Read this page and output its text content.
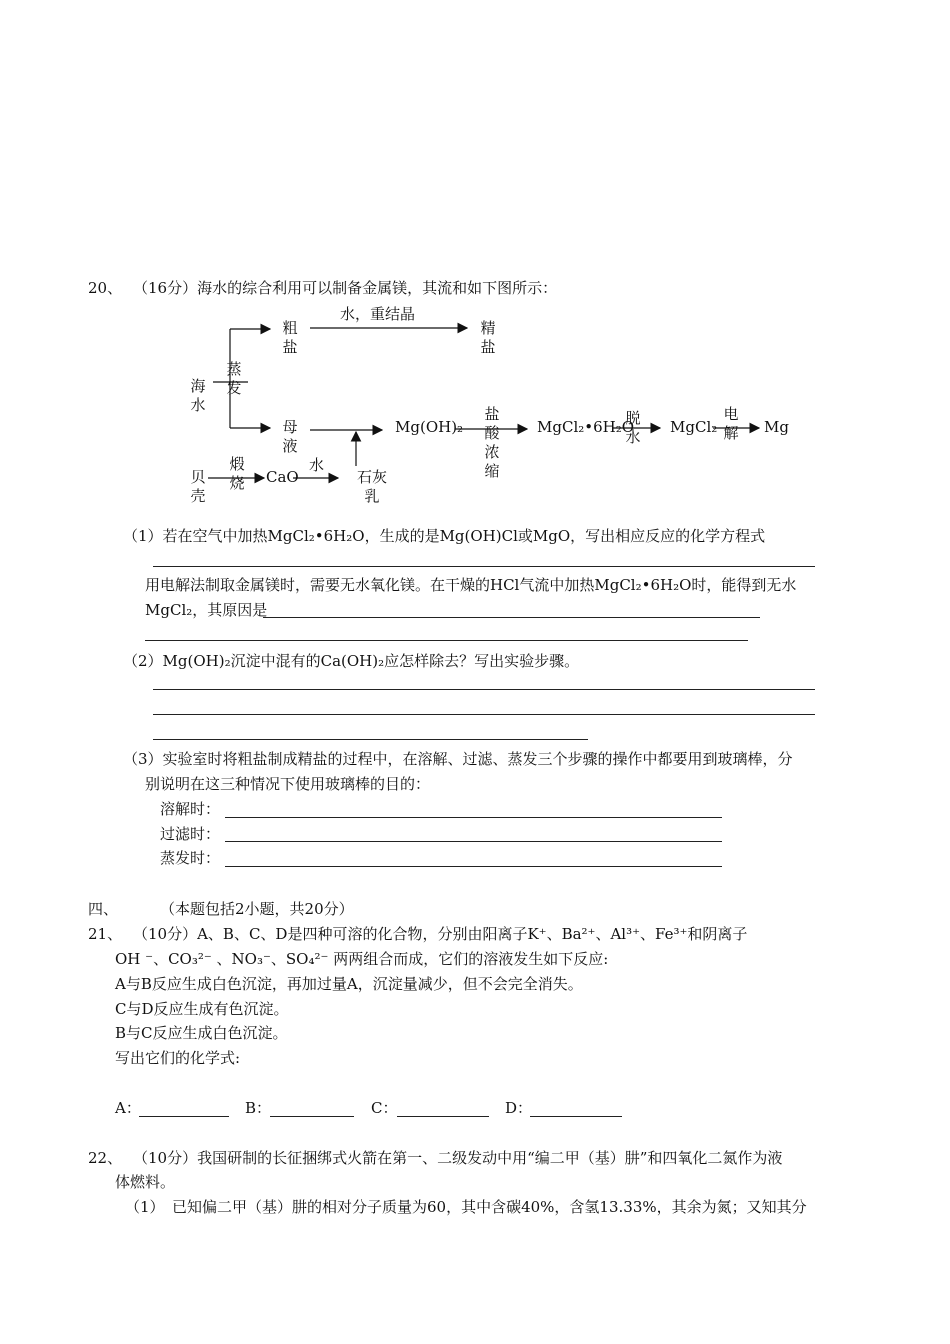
20、 （16分）海水的综合利用可以制备金属镁，其流和如下图所示：
海水
蒸发
粗盐
水，重结晶
精盐
母液
Mg(OH)₂
盐酸浓缩
MgCl₂•6H₂O
脱水
MgCl₂
电解 Mg
贝壳
煅烧 CaO
水
石灰乳
（1）若在空气中加热MgCl₂•6H₂O，生成的是Mg(OH)Cl或MgO，写出相应反应的化学方程式
用电解法制取金属镁时，需要无水氧化镁。在干燥的HCl气流中加热MgCl₂•6H₂O时，能得到无水
MgCl₂，其原因是
（2）Mg(OH)₂沉淀中混有的Ca(OH)₂应怎样除去？写出实验步骤。
（3）实验室时将粗盐制成精盐的过程中，在溶解、过滤、蒸发三个步骤的操作中都要用到玻璃棒，分
别说明在这三种情况下使用玻璃棒的目的：
溶解时：
过滤时：
蒸发时：
四、	（本题包括2小题，共20分）
21、 （10分）A、B、C、D是四种可溶的化合物，分别由阳离子K⁺、Ba²⁺、Al³⁺、Fe³⁺和阴离子
OH ⁻、CO₃²⁻ 、NO₃⁻、SO₄²⁻ 两两组合而成，它们的溶液发生如下反应:
A与B反应生成白色沉淀，再加过量A，沉淀量减少，但不会完全消失。
C与D反应生成有色沉淀。
B与C反应生成白色沉淀。
写出它们的化学式:
A：	B：	C：	D：
22、 （10分）我国研制的长征捆绑式火箭在第一、二级发动中用“编二甲（基）肼”和四氧化二氮作为液
体燃料。
（1） 已知偏二甲（基）肼的相对分子质量为60，其中含碳40%，含氢13.33%，其余为氮；又知其分
